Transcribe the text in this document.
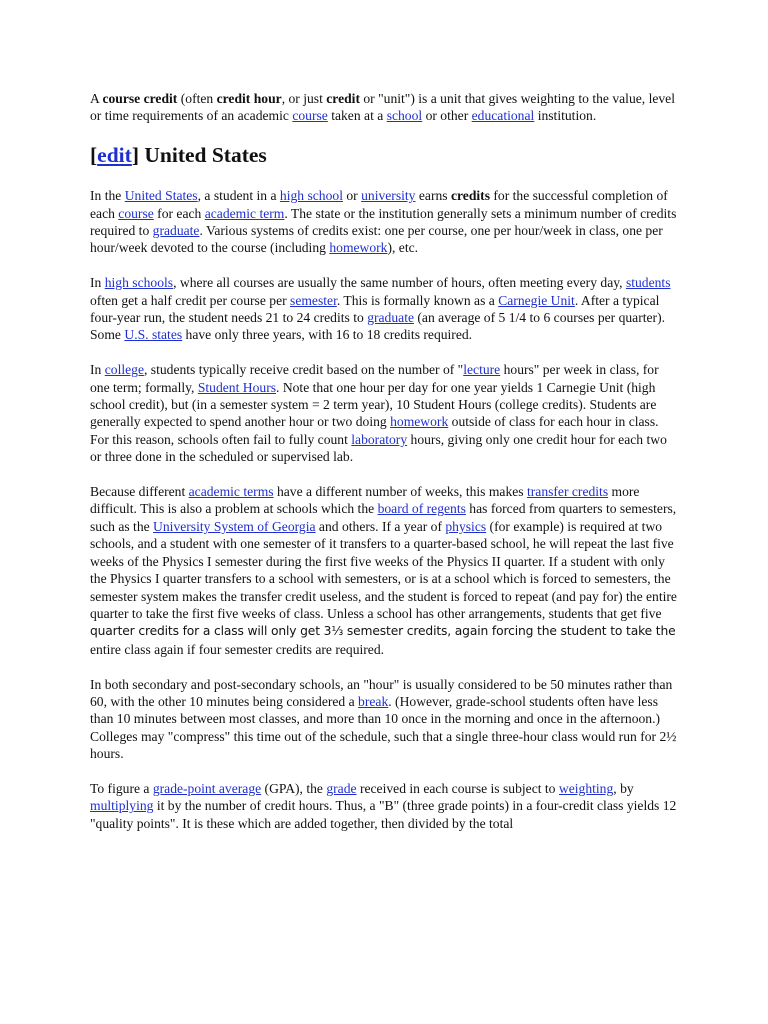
A course credit (often credit hour, or just credit or "unit") is a unit that gives weighting to the value, level or time requirements of an academic course taken at a school or other educational institution.

[edit] United States

In the United States, a student in a high school or university earns credits for the successful completion of each course for each academic term. The state or the institution generally sets a minimum number of credits required to graduate. Various systems of credits exist: one per course, one per hour/week in class, one per hour/week devoted to the course (including homework), etc.

In high schools, where all courses are usually the same number of hours, often meeting every day, students often get a half credit per course per semester. This is formally known as a Carnegie Unit. After a typical four-year run, the student needs 21 to 24 credits to graduate (an average of 5 1/4 to 6 courses per quarter). Some U.S. states have only three years, with 16 to 18 credits required.

In college, students typically receive credit based on the number of "lecture hours" per week in class, for one term; formally, Student Hours. Note that one hour per day for one year yields 1 Carnegie Unit (high school credit), but (in a semester system = 2 term year), 10 Student Hours (college credits). Students are generally expected to spend another hour or two doing homework outside of class for each hour in class. For this reason, schools often fail to fully count laboratory hours, giving only one credit hour for each two or three done in the scheduled or supervised lab.

Because different academic terms have a different number of weeks, this makes transfer credits more difficult. This is also a problem at schools which the board of regents has forced from quarters to semesters, such as the University System of Georgia and others. If a year of physics (for example) is required at two schools, and a student with one semester of it transfers to a quarter-based school, he will repeat the last five weeks of the Physics I semester during the first five weeks of the Physics II quarter. If a student with only the Physics I quarter transfers to a school with semesters, or is at a school which is forced to semesters, the semester system makes the transfer credit useless, and the student is forced to repeat (and pay for) the entire quarter to take the first five weeks of class. Unless a school has other arrangements, students that get five quarter credits for a class will only get 3⅓ semester credits, again forcing the student to take the entire class again if four semester credits are required.

In both secondary and post-secondary schools, an "hour" is usually considered to be 50 minutes rather than 60, with the other 10 minutes being considered a break. (However, grade-school students often have less than 10 minutes between most classes, and more than 10 once in the morning and once in the afternoon.) Colleges may "compress" this time out of the schedule, such that a single three-hour class would run for 2½ hours.

To figure a grade-point average (GPA), the grade received in each course is subject to weighting, by multiplying it by the number of credit hours. Thus, a "B" (three grade points) in a four-credit class yields 12 "quality points". It is these which are added together, then divided by the total
